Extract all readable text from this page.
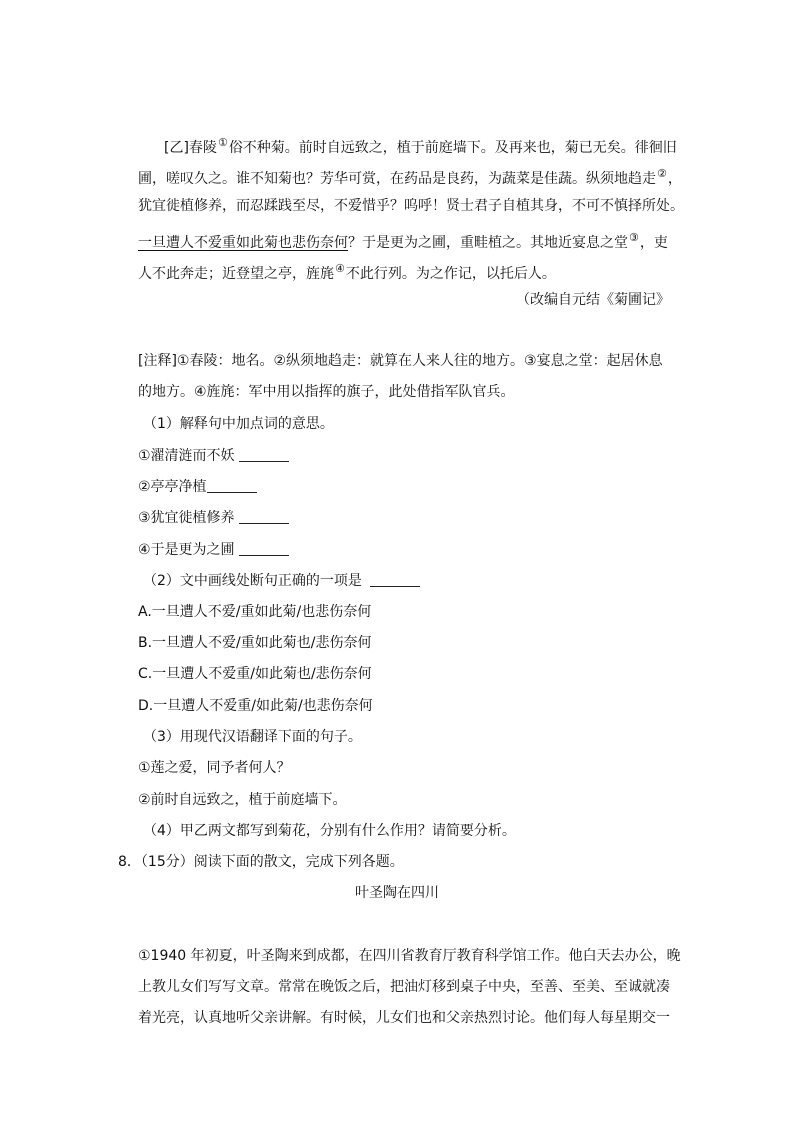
[乙]春陵①俗不种菊。前时自远致之，植于前庭墙下。及再来也，菊已无矣。徘徊旧
圃，嗟叹久之。谁不知菊也？芳华可赏，在药品是良药，为蔬菜是佳蔬。纵须地趋走②，
犹宜徙植修养，而忍蹂践至尽，不爱惜乎？呜呼！贤士君子自植其身，不可不慎择所处。
一旦遭人不爱重如此菊也悲伤奈何？于是更为之圃，重畦植之。其地近宴息之堂③，吏
人不此奔走；近登望之亭，旌旄④不此行列。为之作记，以托后人。
（改编自元结《菊圃记》
[注释]①春陵：地名。②纵须地趋走：就算在人来人往的地方。③宴息之堂：起居休息
的地方。④旌旄：军中用以指挥的旗子，此处借指军队官兵。
（1）解释句中加点词的意思。
①濯清涟而不妖
②亭亭净植
③犹宜徙植修养
④于是更为之圃
（2）文中画线处断句正确的一项是
A.一旦遭人不爱/重如此菊/也悲伤奈何
B.一旦遭人不爱/重如此菊也/悲伤奈何
C.一旦遭人不爱重/如此菊也/悲伤奈何
D.一旦遭人不爱重/如此菊/也悲伤奈何
（3）用现代汉语翻译下面的句子。
①莲之爱，同予者何人？
②前时自远致之，植于前庭墙下。
（4）甲乙两文都写到菊花，分别有什么作用？请简要分析。
8．（15分）阅读下面的散文，完成下列各题。
叶圣陶在四川
①1940 年初夏，叶圣陶来到成都，在四川省教育厅教育科学馆工作。他白天去办公，晚
上教儿女们写写文章。常常在晚饭之后，把油灯移到桌子中央，至善、至美、至诚就凑
着光亮，认真地听父亲讲解。有时候，儿女们也和父亲热烈讨论。他们每人每星期交一
